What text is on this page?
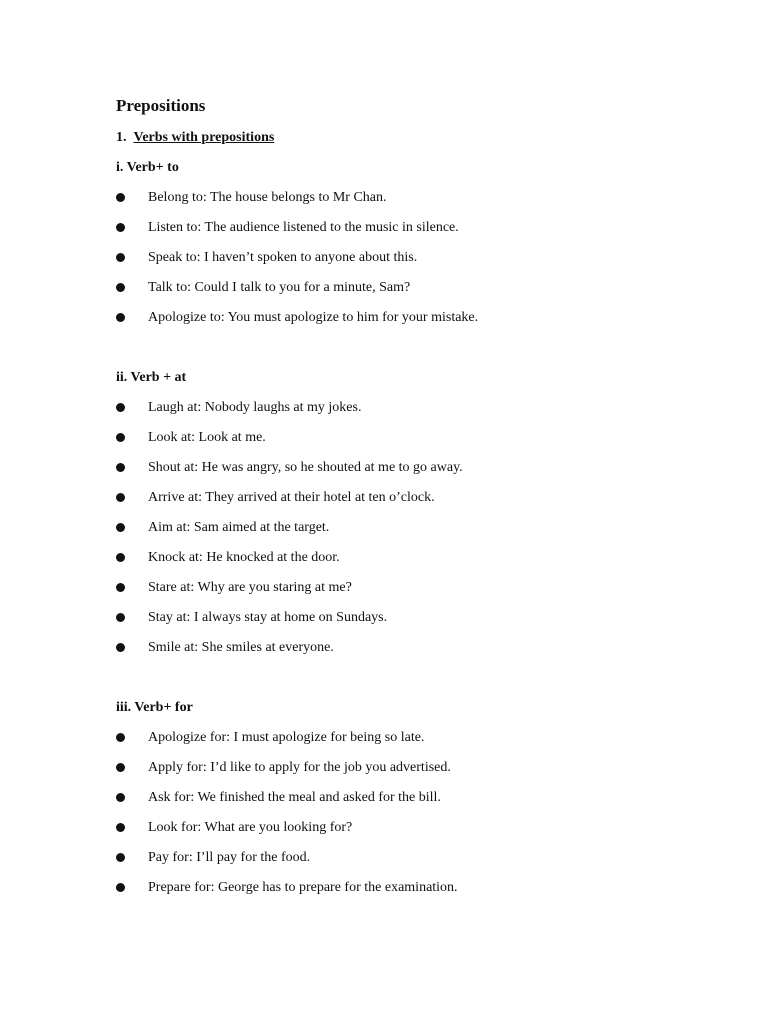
Prepositions
1. Verbs with prepositions
i. Verb+ to
Belong to: The house belongs to Mr Chan.
Listen to: The audience listened to the music in silence.
Speak to: I haven’t spoken to anyone about this.
Talk to: Could I talk to you for a minute, Sam?
Apologize to: You must apologize to him for your mistake.
ii. Verb + at
Laugh at: Nobody laughs at my jokes.
Look at: Look at me.
Shout at: He was angry, so he shouted at me to go away.
Arrive at: They arrived at their hotel at ten o’clock.
Aim at: Sam aimed at the target.
Knock at: He knocked at the door.
Stare at: Why are you staring at me?
Stay at: I always stay at home on Sundays.
Smile at: She smiles at everyone.
iii. Verb+ for
Apologize for: I must apologize for being so late.
Apply for: I’d like to apply for the job you advertised.
Ask for: We finished the meal and asked for the bill.
Look for: What are you looking for?
Pay for: I’ll pay for the food.
Prepare for: George has to prepare for the examination.
